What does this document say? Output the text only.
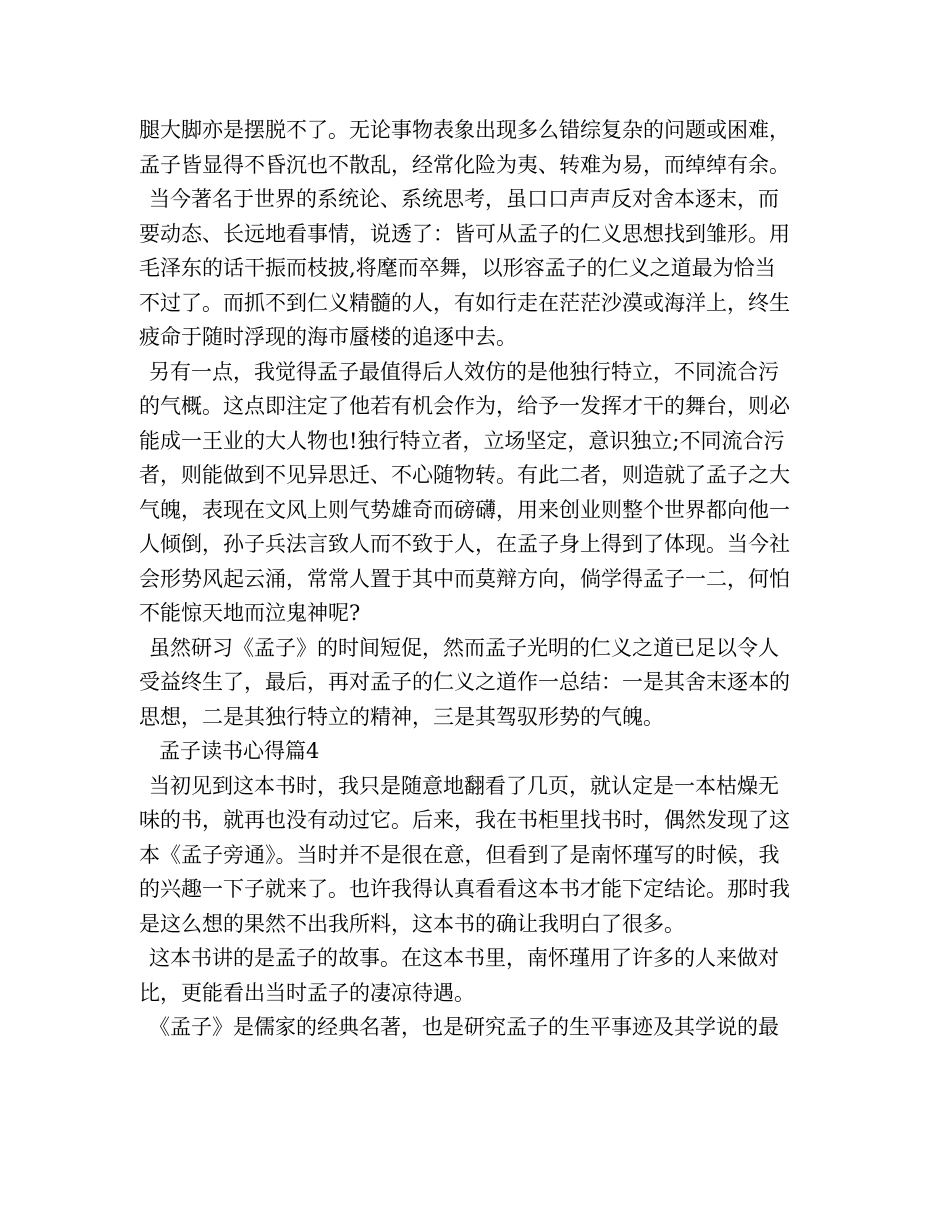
腿大脚亦是摆脱不了。无论事物表象出现多么错综复杂的问题或困难，
孟子皆显得不昏沉也不散乱，经常化险为夷、转难为易，而绰绰有余。
当今著名于世界的系统论、系统思考，虽口口声声反对舍本逐末，而
要动态、长远地看事情，说透了：皆可从孟子的仁义思想找到雏形。用
毛泽东的话干振而枝披,将麾而卒舞，以形容孟子的仁义之道最为恰当
不过了。而抓不到仁义精髓的人，有如行走在茫茫沙漠或海洋上，终生
疲命于随时浮现的海市蜃楼的追逐中去。
另有一点，我觉得孟子最值得后人效仿的是他独行特立，不同流合污
的气概。这点即注定了他若有机会作为，给予一发挥才干的舞台，则必
能成一王业的大人物也!独行特立者，立场坚定，意识独立;不同流合污
者，则能做到不见异思迁、不心随物转。有此二者，则造就了孟子之大
气魄，表现在文风上则气势雄奇而磅礴，用来创业则整个世界都向他一
人倾倒，孙子兵法言致人而不致于人，在孟子身上得到了体现。当今社
会形势风起云涌，常常人置于其中而莫辩方向，倘学得孟子一二，何怕
不能惊天地而泣鬼神呢?
虽然研习《孟子》的时间短促，然而孟子光明的仁义之道已足以令人
受益终生了，最后，再对孟子的仁义之道作一总结：一是其舍末逐本的
思想，二是其独行特立的精神，三是其驾驭形势的气魄。
孟子读书心得篇4
当初见到这本书时，我只是随意地翻看了几页，就认定是一本枯燥无
味的书，就再也没有动过它。后来，我在书柜里找书时，偶然发现了这
本《孟子旁通》。当时并不是很在意，但看到了是南怀瑾写的时候，我
的兴趣一下子就来了。也许我得认真看看这本书才能下定结论。那时我
是这么想的果然不出我所料，这本书的确让我明白了很多。
这本书讲的是孟子的故事。在这本书里，南怀瑾用了许多的人来做对
比，更能看出当时孟子的凄凉待遇。
《孟子》是儒家的经典名著，也是研究孟子的生平事迹及其学说的最
